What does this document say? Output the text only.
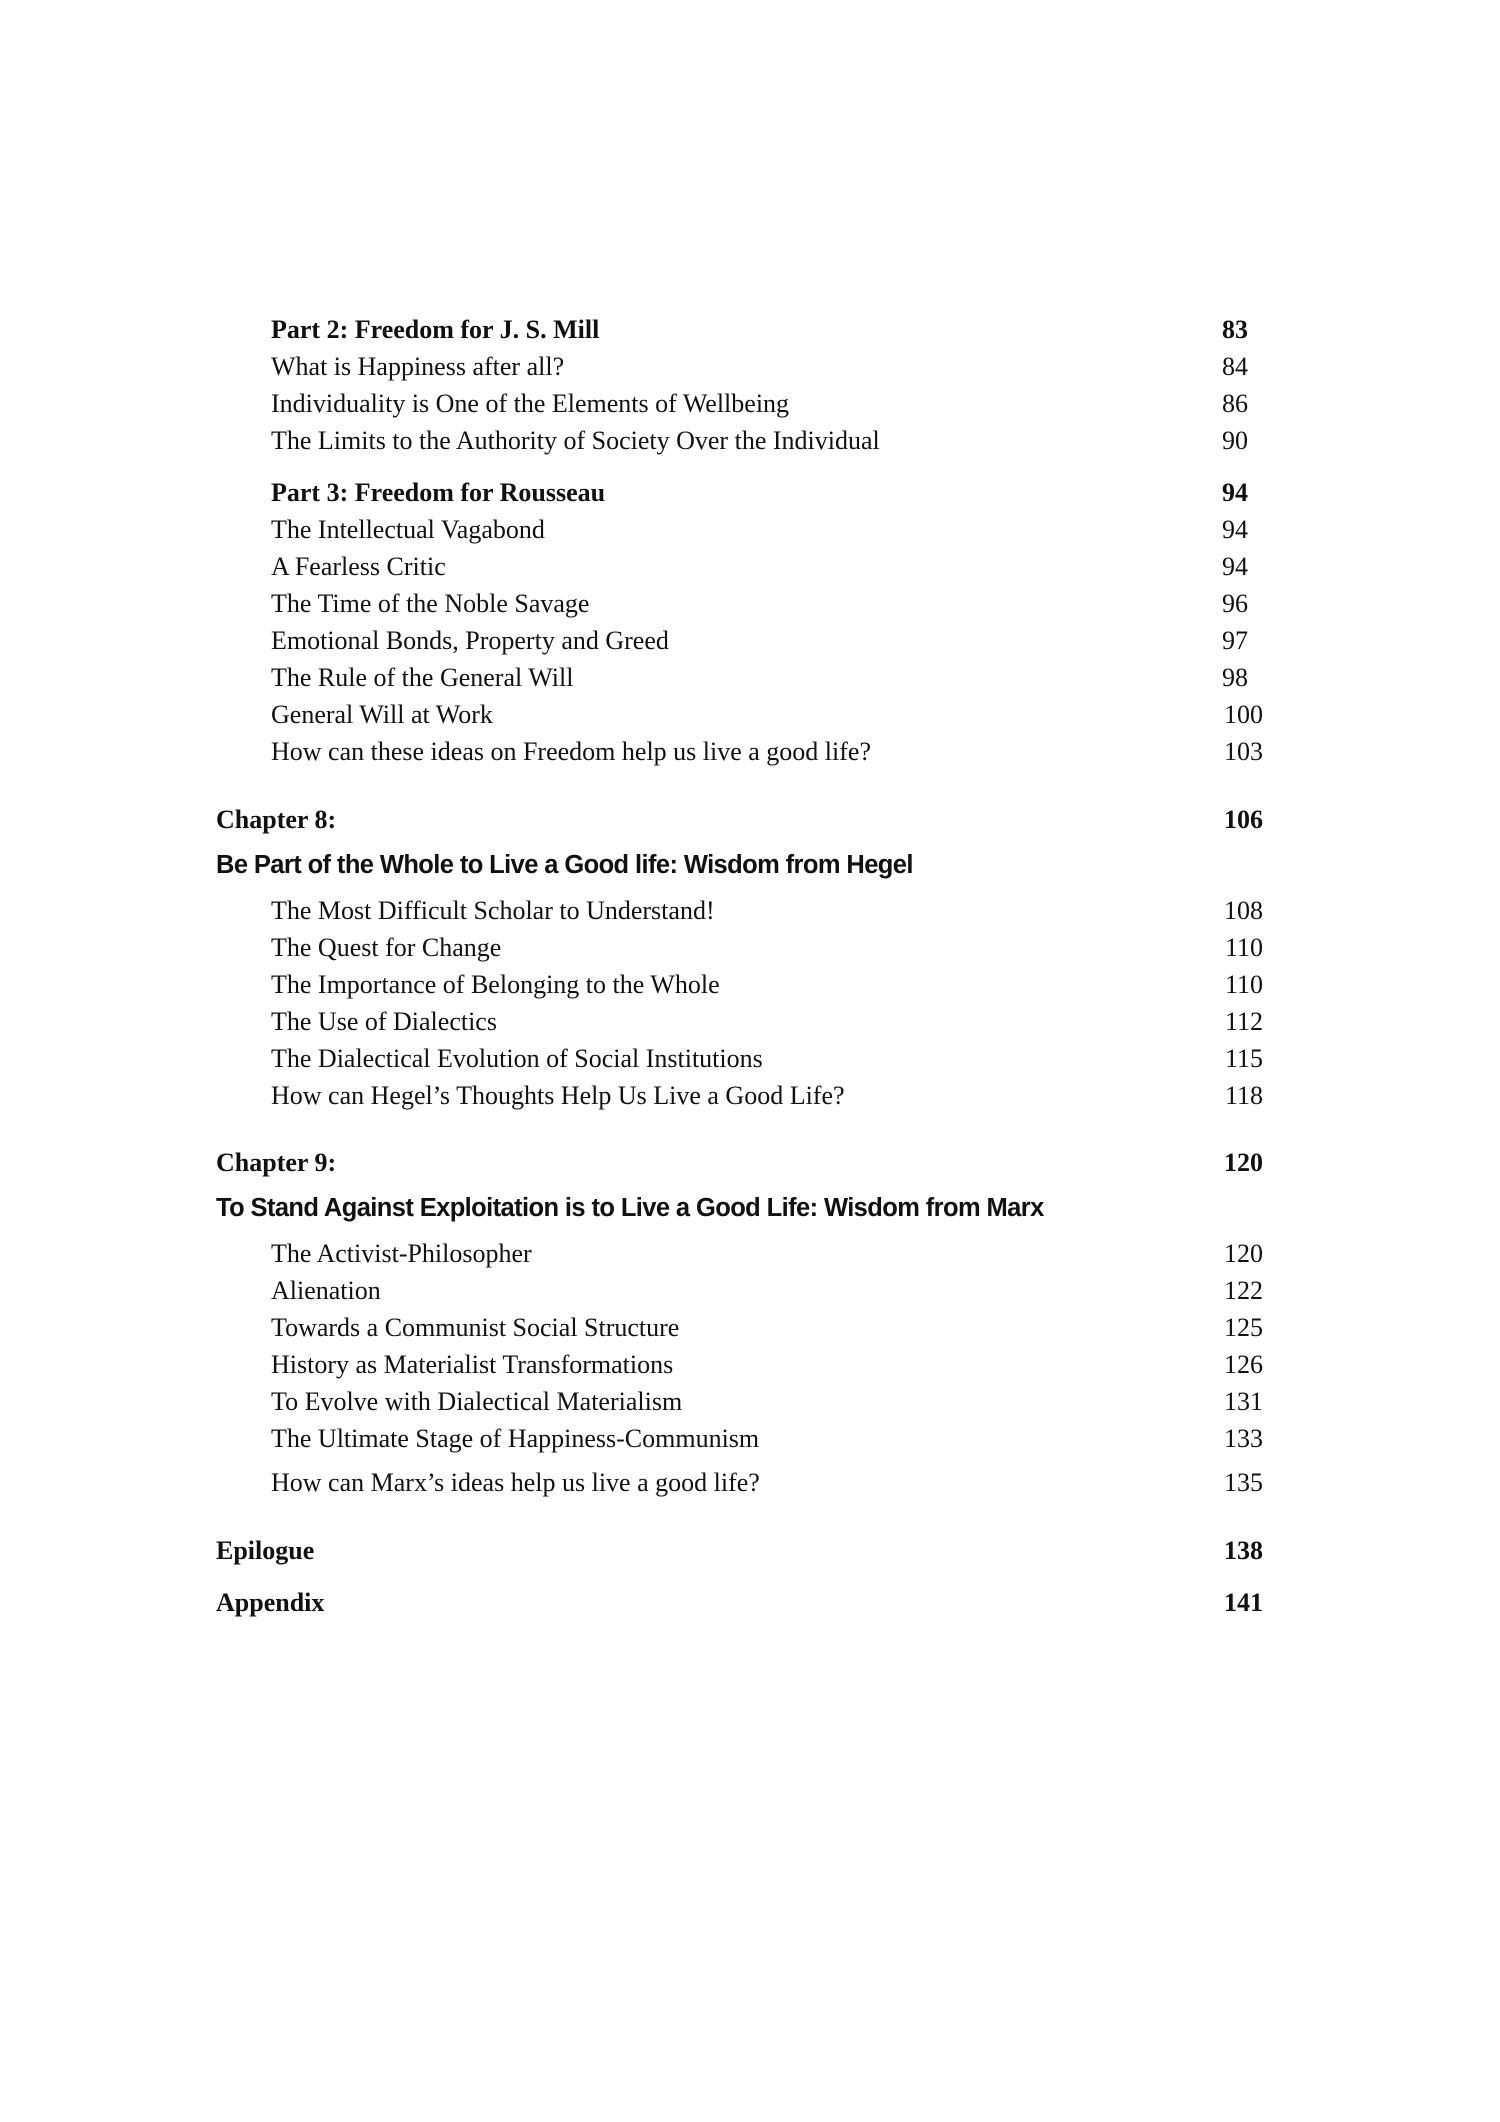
Part 2: Freedom for J. S. Mill	83
What is Happiness after all?	84
Individuality is One of the Elements of Wellbeing	86
The Limits to the Authority of Society Over the Individual	90
Part 3: Freedom for Rousseau	94
The Intellectual Vagabond	94
A Fearless Critic	94
The Time of the Noble Savage	96
Emotional Bonds, Property and Greed	97
The Rule of the General Will	98
General Will at Work	100
How can these ideas on Freedom help us live a good life?	103
Chapter 8:	106
Be Part of the Whole to Live a Good life: Wisdom from Hegel
The Most Difficult Scholar to Understand!	108
The Quest for Change	110
The Importance of Belonging to the Whole	110
The Use of Dialectics	112
The Dialectical Evolution of Social Institutions	115
How can Hegel’s Thoughts Help Us Live a Good Life?	118
Chapter 9:	120
To Stand Against Exploitation is to Live a Good Life: Wisdom from Marx
The Activist-Philosopher	120
Alienation	122
Towards a Communist Social Structure	125
History as Materialist Transformations	126
To Evolve with Dialectical Materialism	131
The Ultimate Stage of Happiness-Communism	133
How can Marx’s ideas help us live a good life?	135
Epilogue	138
Appendix	141
